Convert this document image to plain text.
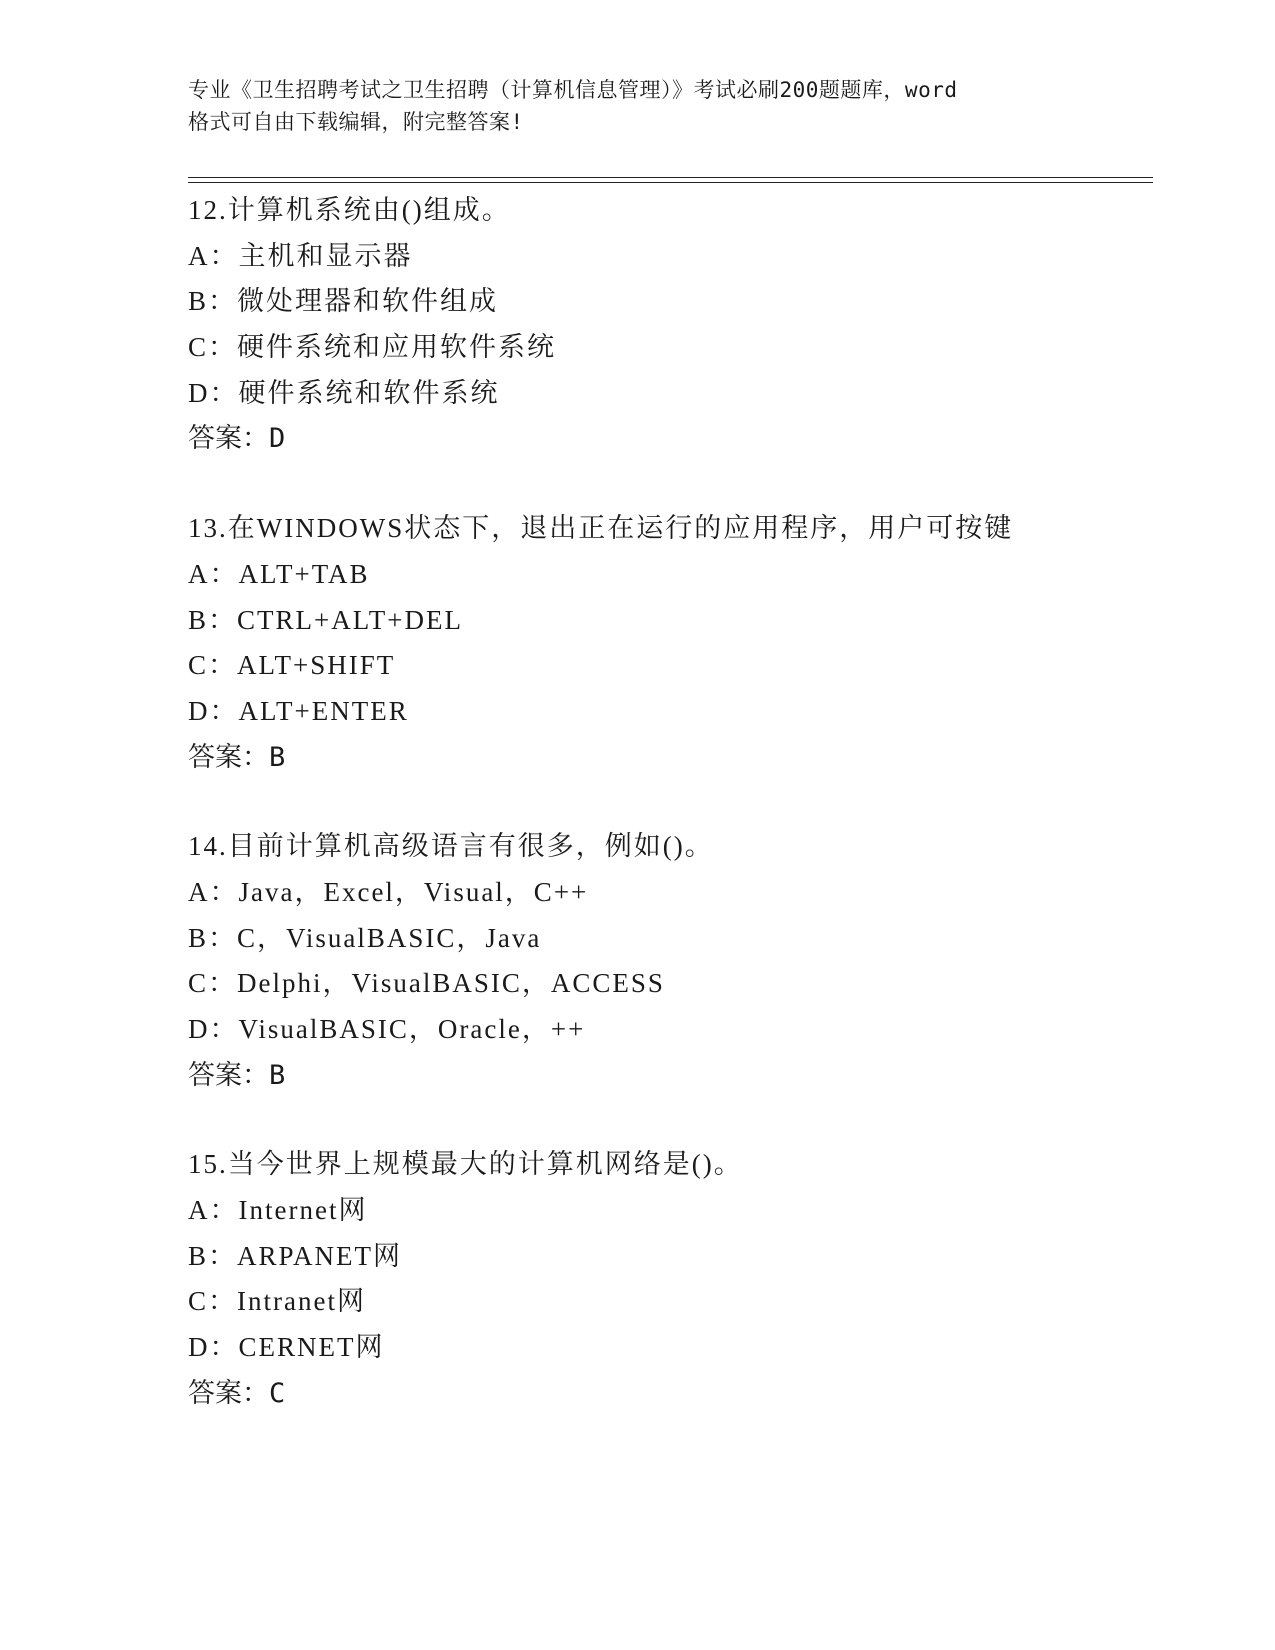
专业《卫生招聘考试之卫生招聘（计算机信息管理）》考试必刷200题题库，word
格式可自由下载编辑，附完整答案!
12.计算机系统由()组成。
A：主机和显示器
B：微处理器和软件组成
C：硬件系统和应用软件系统
D：硬件系统和软件系统
答案：D
13.在WINDOWS状态下，退出正在运行的应用程序，用户可按键
A：ALT+TAB
B：CTRL+ALT+DEL
C：ALT+SHIFT
D：ALT+ENTER
答案：B
14.目前计算机高级语言有很多，例如()。
A：Java，Excel，Visual，C++
B：C，VisualBASIC，Java
C：Delphi，VisualBASIC，ACCESS
D：VisualBASIC，Oracle，++
答案：B
15.当今世界上规模最大的计算机网络是()。
A：Internet网
B：ARPANET网
C：Intranet网
D：CERNET网
答案：C
